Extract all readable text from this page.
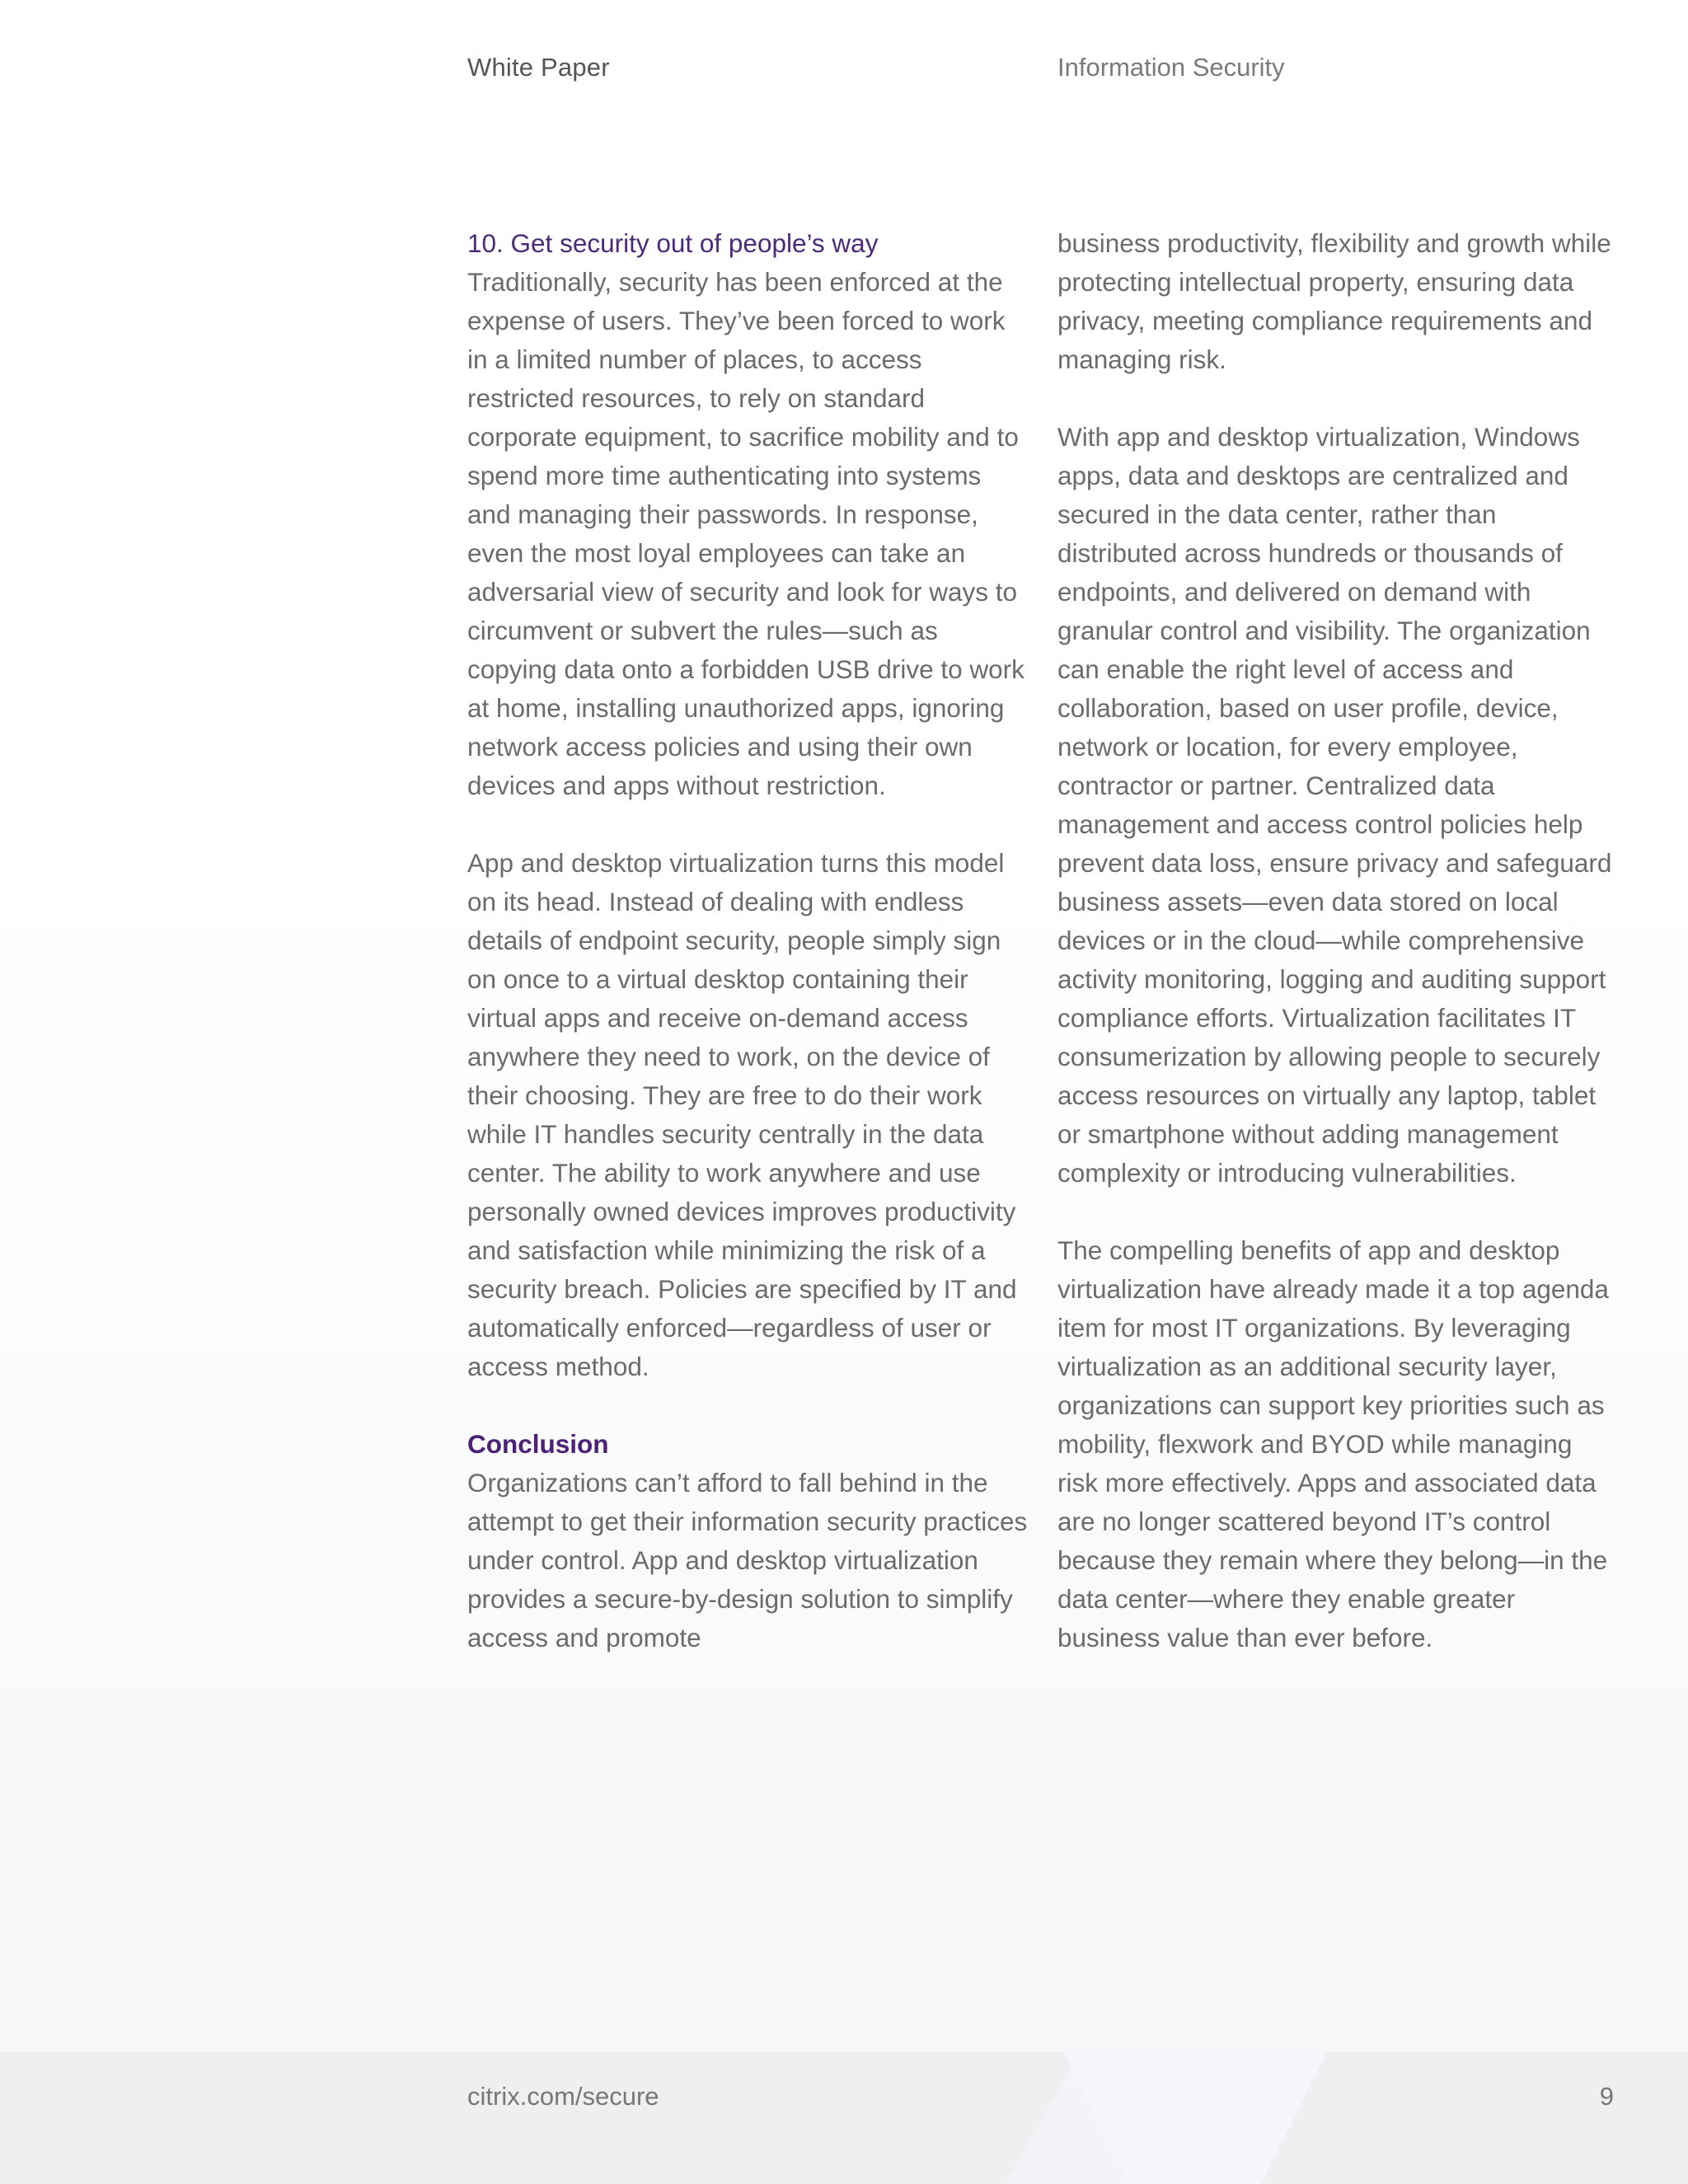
White Paper	Information Security
10. Get security out of people’s way

Traditionally, security has been enforced at the expense of users. They’ve been forced to work in a limited number of places, to access restricted resources, to rely on standard corporate equipment, to sacrifice mobility and to spend more time authenticating into systems and managing their passwords. In response, even the most loyal employees can take an adversarial view of security and look for ways to circumvent or subvert the rules—such as copying data onto a forbidden USB drive to work at home, installing unauthorized apps, ignoring network access policies and using their own devices and apps without restriction.

App and desktop virtualization turns this model on its head. Instead of dealing with endless details of endpoint security, people simply sign on once to a virtual desktop containing their virtual apps and receive on-demand access anywhere they need to work, on the device of their choosing. They are free to do their work while IT handles security centrally in the data center. The ability to work anywhere and use personally owned devices improves productivity and satisfaction while minimizing the risk of a security breach. Policies are specified by IT and automatically enforced—regardless of user or access method.

Conclusion

Organizations can’t afford to fall behind in the attempt to get their information security practices under control. App and desktop virtualization provides a secure-by-design solution to simplify access and promote

business productivity, flexibility and growth while protecting intellectual property, ensuring data privacy, meeting compliance requirements and managing risk.

With app and desktop virtualization, Windows apps, data and desktops are centralized and secured in the data center, rather than distributed across hundreds or thousands of endpoints, and delivered on demand with granular control and visibility. The organization can enable the right level of access and collaboration, based on user profile, device, network or location, for every employee, contractor or partner. Centralized data management and access control policies help prevent data loss, ensure privacy and safeguard business assets—even data stored on local devices or in the cloud—while comprehensive activity monitoring, logging and auditing support compliance efforts. Virtualization facilitates IT consumerization by allowing people to securely access resources on virtually any laptop, tablet or smartphone without adding management complexity or introducing vulnerabilities.

The compelling benefits of app and desktop virtualization have already made it a top agenda item for most IT organizations. By leveraging virtualization as an additional security layer, organizations can support key priorities such as mobility, flexwork and BYOD while managing risk more effectively. Apps and associated data are no longer scattered beyond IT’s control because they remain where they belong—in the data center—where they enable greater business value than ever before.

citrix.com/secure	9
